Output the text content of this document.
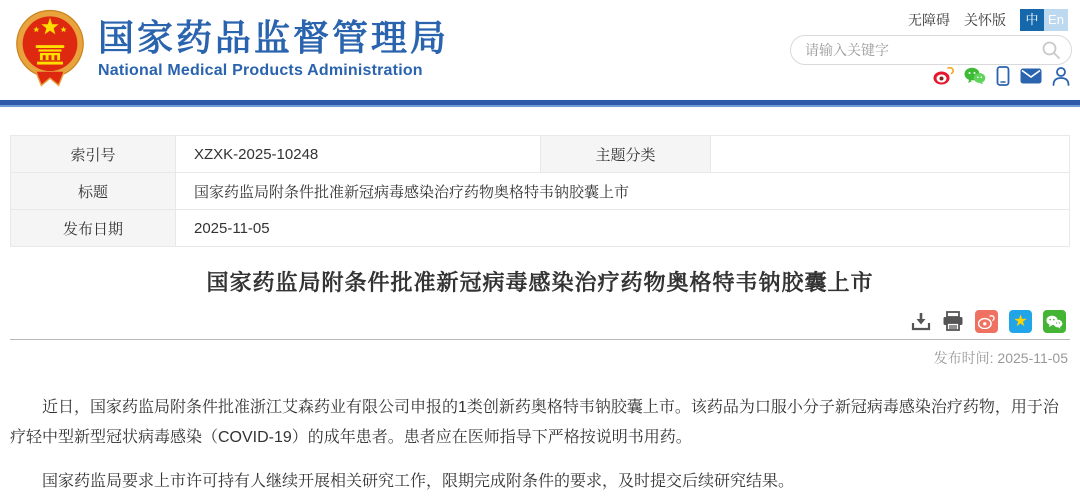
国家药品监督管理局
National Medical Products Administration
无障碍 关怀版	中 En
请输入关键字
索引号	XZXK-2025-10248	主题分类	
标题	国家药监局附条件批准新冠病毒感染治疗药物奥格特韦钠胶囊上市		
发布日期	2025-11-05		
国家药监局附条件批准新冠病毒感染治疗药物奥格特韦钠胶囊上市
★
发布时间: 2025-11-05

近日，国家药监局附条件批准浙江艾森药业有限公司申报的1类创新药奥格特韦钠胶囊上市。该药品为口服小分子新冠病毒感染治疗药物，用于治疗轻中型新型冠状病毒感染（COVID-19）的成年患者。患者应在医师指导下严格按说明书用药。

国家药监局要求上市许可持有人继续开展相关研究工作，限期完成附条件的要求，及时提交后续研究结果。
